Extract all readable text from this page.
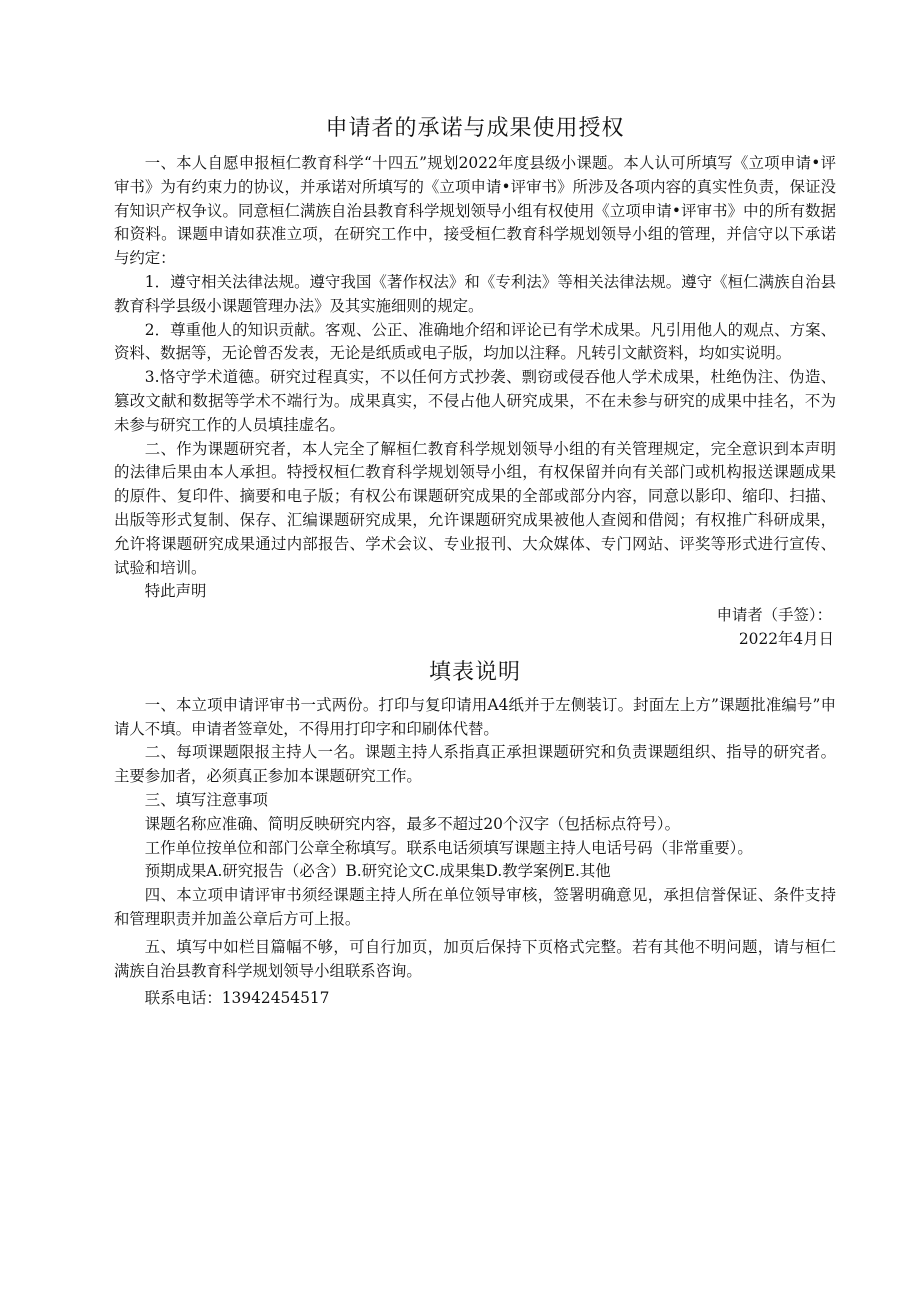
申请者的承诺与成果使用授权

一、本人自愿申报桓仁教育科学“十四五”规划2022年度县级小课题。本人认可所填写《立项申请•评审书》为有约束力的协议，并承诺对所填写的《立项申请•评审书》所涉及各项内容的真实性负责，保证没有知识产权争议。同意桓仁满族自治县教育科学规划领导小组有权使用《立项申请•评审书》中的所有数据和资料。课题申请如获准立项，在研究工作中，接受桓仁教育科学规划领导小组的管理，并信守以下承诺与约定：

1．遵守相关法律法规。遵守我国《著作权法》和《专利法》等相关法律法规。遵守《桓仁满族自治县教育科学县级小课题管理办法》及其实施细则的规定。

2．尊重他人的知识贡献。客观、公正、准确地介绍和评论已有学术成果。凡引用他人的观点、方案、资料、数据等，无论曾否发表，无论是纸质或电子版，均加以注释。凡转引文献资料，均如实说明。

3.恪守学术道德。研究过程真实，不以任何方式抄袭、剽窃或侵吞他人学术成果，杜绝伪注、伪造、篡改文献和数据等学术不端行为。成果真实，不侵占他人研究成果，不在未参与研究的成果中挂名，不为未参与研究工作的人员填挂虚名。

二、作为课题研究者，本人完全了解桓仁教育科学规划领导小组的有关管理规定，完全意识到本声明的法律后果由本人承担。特授权桓仁教育科学规划领导小组，有权保留并向有关部门或机构报送课题成果的原件、复印件、摘要和电子版；有权公布课题研究成果的全部或部分内容，同意以影印、缩印、扫描、出版等形式复制、保存、汇编课题研究成果，允许课题研究成果被他人查阅和借阅；有权推广科研成果，允许将课题研究成果通过内部报告、学术会议、专业报刊、大众媒体、专门网站、评奖等形式进行宣传、试验和培训。

特此声明

申请者（手签）：

2022年4月日

填表说明

一、本立项申请评审书一式两份。打印与复印请用A4纸并于左侧装订。封面左上方”课题批准编号”申请人不填。申请者签章处，不得用打印字和印刷体代替。

二、每项课题限报主持人一名。课题主持人系指真正承担课题研究和负责课题组织、指导的研究者。主要参加者，必须真正参加本课题研究工作。

三、填写注意事项

课题名称应准确、简明反映研究内容，最多不超过20个汉字（包括标点符号）。

工作单位按单位和部门公章全称填写。联系电话须填写课题主持人电话号码（非常重要）。

预期成果A.研究报告（必含）B.研究论文C.成果集D.教学案例E.其他

四、本立项申请评审书须经课题主持人所在单位领导审核，签署明确意见，承担信誉保证、条件支持和管理职责并加盖公章后方可上报。

五、填写中如栏目篇幅不够，可自行加页，加页后保持下页格式完整。若有其他不明问题，请与桓仁满族自治县教育科学规划领导小组联系咨询。

联系电话：13942454517
